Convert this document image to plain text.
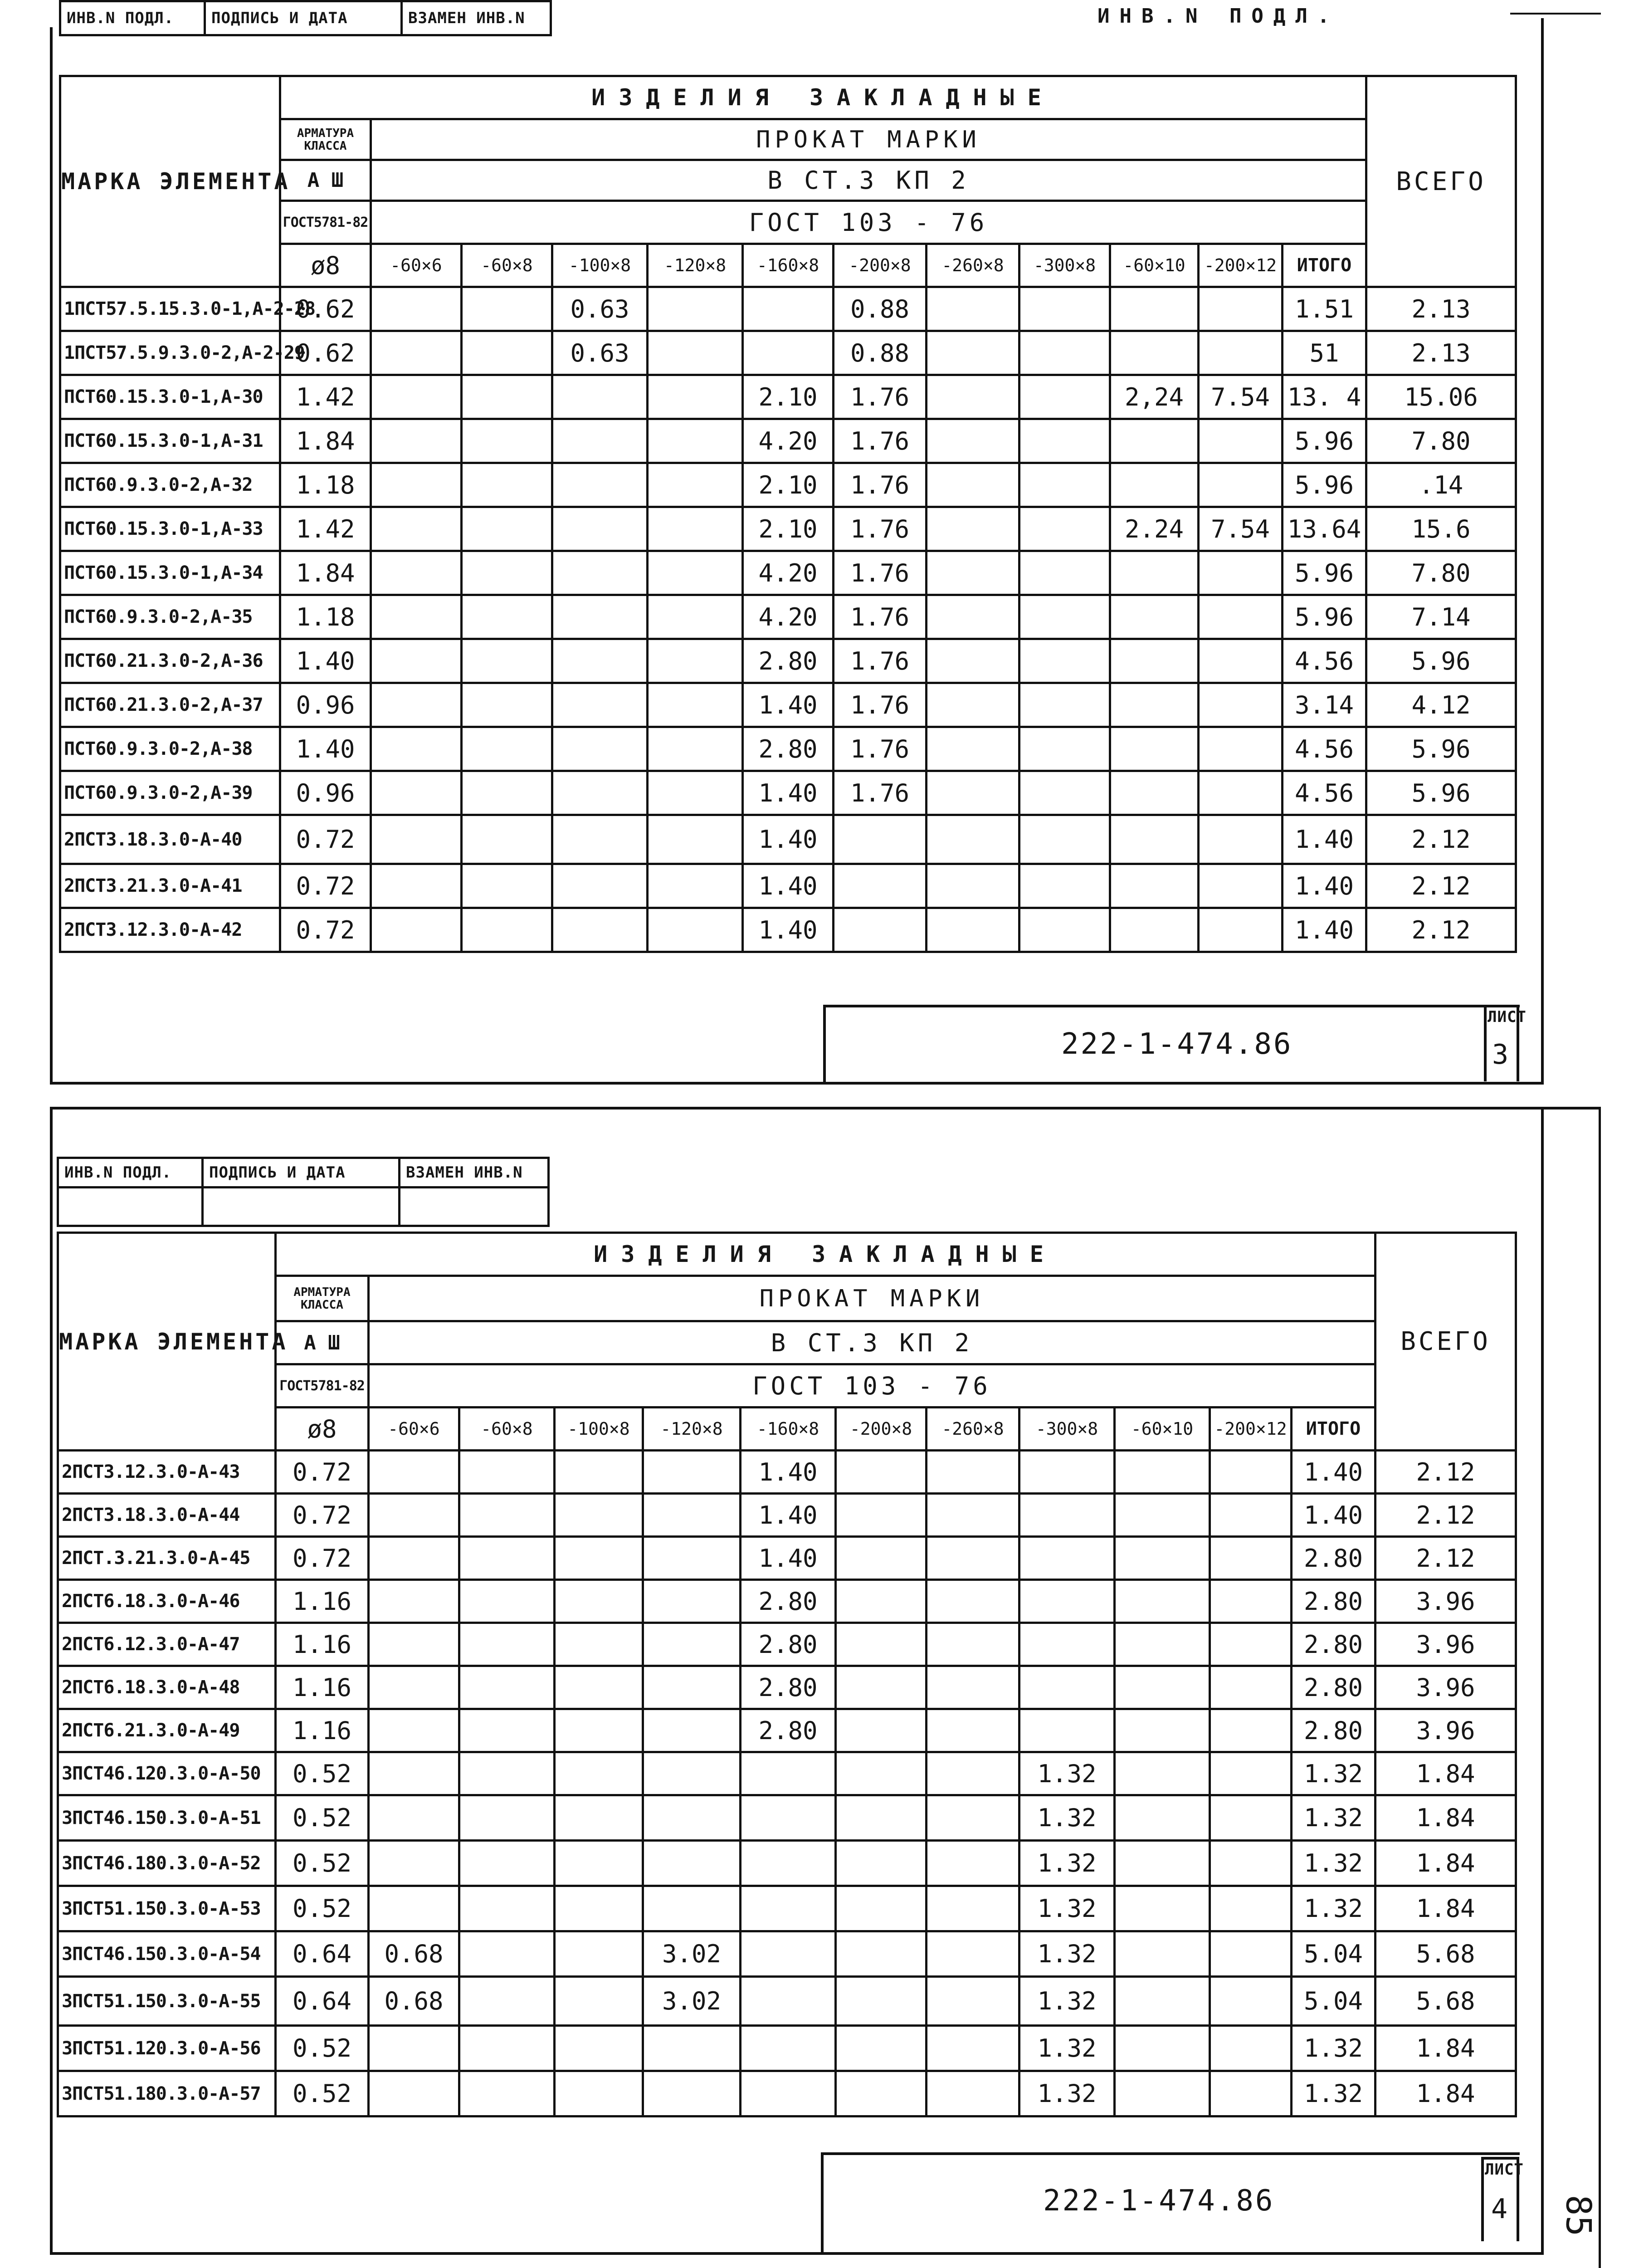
ИНВ.N ПОДЛ.
ИНВ.N ПОДЛ.	ПОДПИСЬ И ДАТА	ВЗАМЕН ИНВ.N
МАРКА ЭЛЕМЕНТА	ИЗДЕЛИЯ ЗАКЛАДНЫЕ												ВСЕГО
	АРМАТУРА КЛАССА	ПРОКАТ МАРКИ											
	А Ш	В СТ.3 КП 2											
	ГОСТ5781-82	ГОСТ 103 - 76											
	ø8	-60×6	-60×8	-100×8	-120×8	-160×8	-200×8	-260×8	-300×8	-60×10	-200×12	ИТОГО	
1ПСТ57.5.15.3.0-1,А-2-28	0.62			0.63			0.88					1.51	2.13
1ПСТ57.5.9.3.0-2,А-2-29	0.62			0.63			0.88					51	2.13
ПСТ60.15.3.0-1,А-30	1.42					2.10	1.76			2,24	7.54	13. 4	15.06
ПСТ60.15.3.0-1,А-31	1.84					4.20	1.76					5.96	7.80
ПСТ60.9.3.0-2,А-32	1.18					2.10	1.76					5.96	.14
ПСТ60.15.3.0-1,А-33	1.42					2.10	1.76			2.24	7.54	13.64	15.6
ПСТ60.15.3.0-1,А-34	1.84					4.20	1.76					5.96	7.80
ПСТ60.9.3.0-2,А-35	1.18					4.20	1.76					5.96	7.14
ПСТ60.21.3.0-2,А-36	1.40					2.80	1.76					4.56	5.96
ПСТ60.21.3.0-2,А-37	0.96					1.40	1.76					3.14	4.12
ПСТ60.9.3.0-2,А-38	1.40					2.80	1.76					4.56	5.96
ПСТ60.9.3.0-2,А-39	0.96					1.40	1.76					4.56	5.96
2ПСТ3.18.3.0-А-40	0.72					1.40						1.40	2.12
2ПСТ3.21.3.0-А-41	0.72					1.40						1.40	2.12
2ПСТ3.12.3.0-А-42	0.72					1.40						1.40	2.12
222-1-474.86
ЛИСТ
3
ИНВ.N ПОДЛ.	ПОДПИСЬ И ДАТА	ВЗАМЕН ИНВ.N

МАРКА ЭЛЕМЕНТА	ИЗДЕЛИЯ ЗАКЛАДНЫЕ												ВСЕГО
	АРМАТУРА КЛАССА	ПРОКАТ МАРКИ											
	А Ш	В СТ.3 КП 2											
	ГОСТ5781-82	ГОСТ 103 - 76											
	ø8	-60×6	-60×8	-100×8	-120×8	-160×8	-200×8	-260×8	-300×8	-60×10	-200×12	ИТОГО	
2ПСТ3.12.3.0-А-43	0.72					1.40						1.40	2.12
2ПСТ3.18.3.0-А-44	0.72					1.40						1.40	2.12
2ПСТ.3.21.3.0-А-45	0.72					1.40						2.80	2.12
2ПСТ6.18.3.0-А-46	1.16					2.80						2.80	3.96
2ПСТ6.12.3.0-А-47	1.16					2.80						2.80	3.96
2ПСТ6.18.3.0-А-48	1.16					2.80						2.80	3.96
2ПСТ6.21.3.0-А-49	1.16					2.80						2.80	3.96
3ПСТ46.120.3.0-А-50	0.52								1.32			1.32	1.84
3ПСТ46.150.3.0-А-51	0.52								1.32			1.32	1.84
3ПСТ46.180.3.0-А-52	0.52								1.32			1.32	1.84
3ПСТ51.150.3.0-А-53	0.52								1.32			1.32	1.84
3ПСТ46.150.3.0-А-54	0.64	0.68			3.02				1.32			5.04	5.68
3ПСТ51.150.3.0-А-55	0.64	0.68			3.02				1.32			5.04	5.68
3ПСТ51.120.3.0-А-56	0.52								1.32			1.32	1.84
3ПСТ51.180.3.0-А-57	0.52								1.32			1.32	1.84
222-1-474.86
ЛИСТ
4 85
